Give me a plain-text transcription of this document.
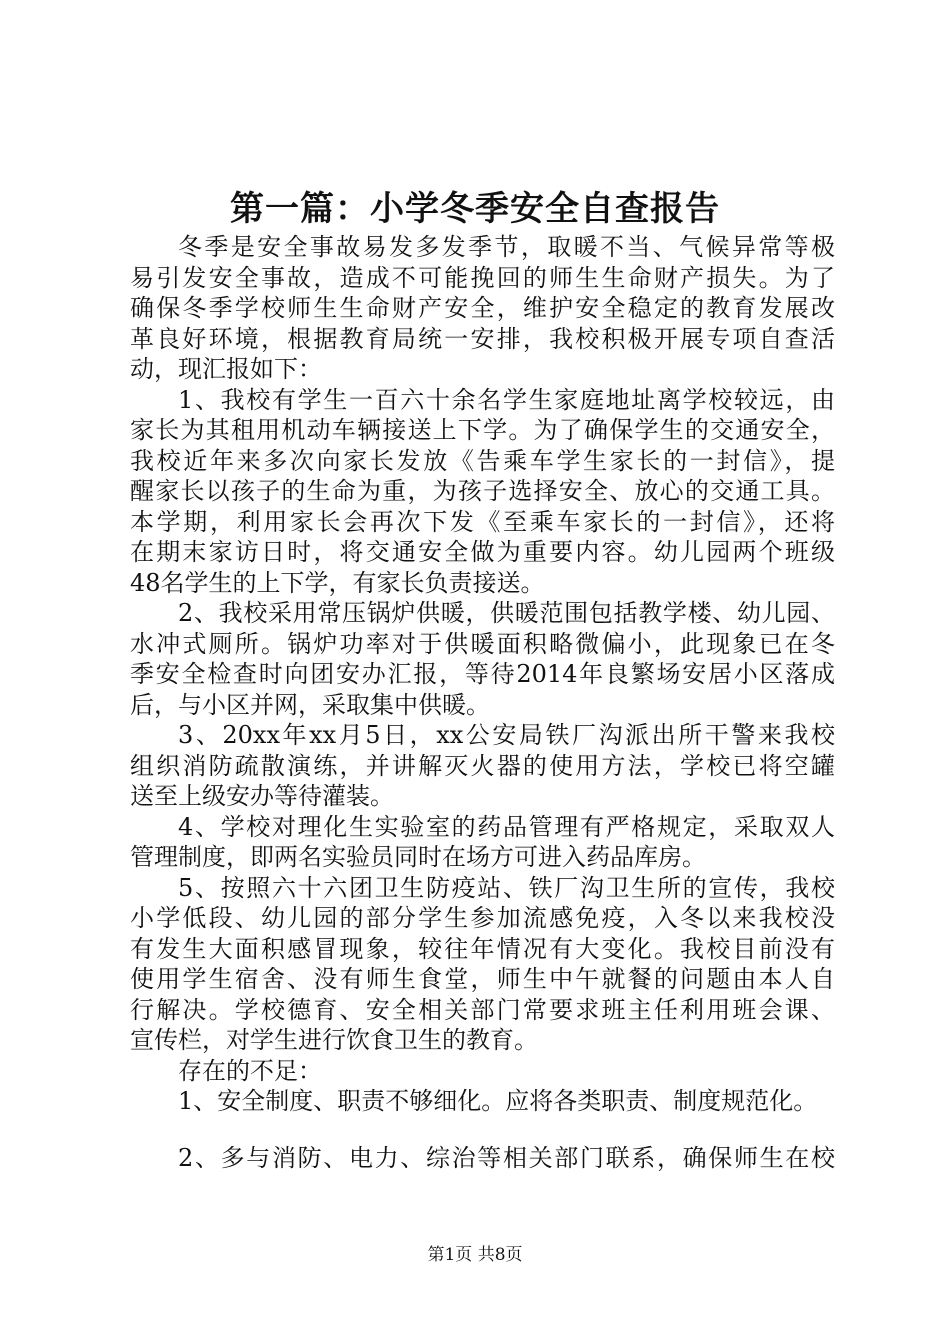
第一篇：小学冬季安全自查报告
冬季是安全事故易发多发季节，取暖不当、气候异常等极
易引发安全事故，造成不可能挽回的师生生命财产损失。为了
确保冬季学校师生生命财产安全，维护安全稳定的教育发展改
革良好环境，根据教育局统一安排，我校积极开展专项自查活
动，现汇报如下：
1、我校有学生一百六十余名学生家庭地址离学校较远，由
家长为其租用机动车辆接送上下学。为了确保学生的交通安全，
我校近年来多次向家长发放《告乘车学生家长的一封信》，提
醒家长以孩子的生命为重，为孩子选择安全、放心的交通工具。
本学期，利用家长会再次下发《至乘车家长的一封信》，还将
在期末家访日时，将交通安全做为重要内容。幼儿园两个班级
48名学生的上下学，有家长负责接送。
2、我校采用常压锅炉供暖，供暖范围包括教学楼、幼儿园、
水冲式厕所。锅炉功率对于供暖面积略微偏小，此现象已在冬
季安全检查时向团安办汇报，等待2014年良繁场安居小区落成
后，与小区并网，采取集中供暖。
3、20xx年xx月5日，xx公安局铁厂沟派出所干警来我校
组织消防疏散演练，并讲解灭火器的使用方法，学校已将空罐
送至上级安办等待灌装。
4、学校对理化生实验室的药品管理有严格规定，采取双人
管理制度，即两名实验员同时在场方可进入药品库房。
5、按照六十六团卫生防疫站、铁厂沟卫生所的宣传，我校
小学低段、幼儿园的部分学生参加流感免疫，入冬以来我校没
有发生大面积感冒现象，较往年情况有大变化。我校目前没有
使用学生宿舍、没有师生食堂，师生中午就餐的问题由本人自
行解决。学校德育、安全相关部门常要求班主任利用班会课、
宣传栏，对学生进行饮食卫生的教育。
存在的不足：
1、安全制度、职责不够细化。应将各类职责、制度规范化。
2、多与消防、电力、综治等相关部门联系，确保师生在校
第1页 共8页
